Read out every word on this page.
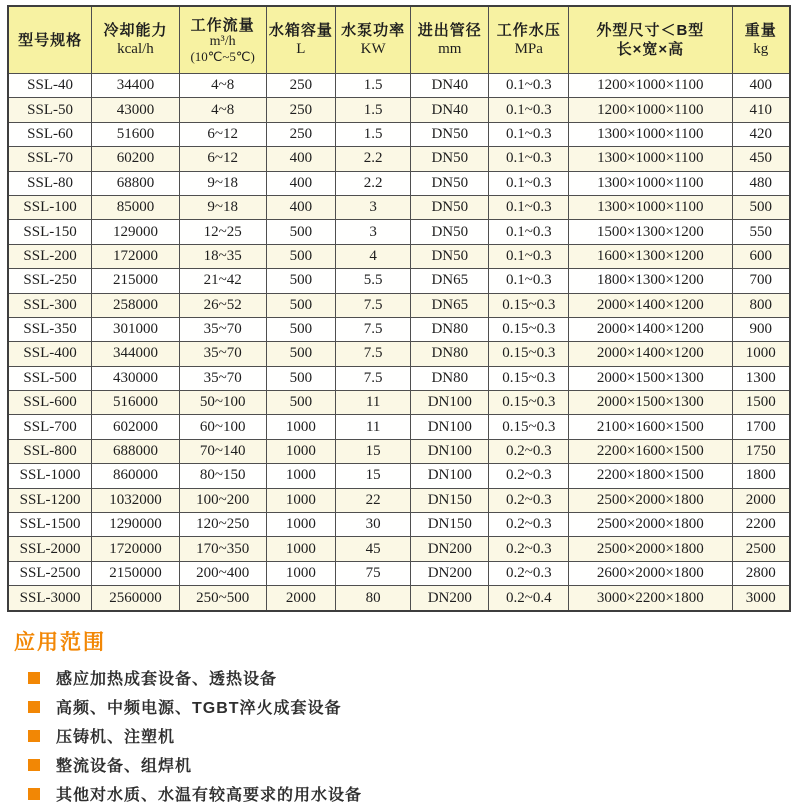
型号规格

冷却能力
kcal/h

工作流量
m³/h
(10℃~5℃)

水箱容量
L

水泵功率
KW

进出管径
mm

工作水压
MPa

外型尺寸＜B型
长×宽×高

重量
kg

SSL-40	34400	4~8	250	1.5	DN40	0.1~0.3	1200×1000×1100	400
SSL-50	43000	4~8	250	1.5	DN40	0.1~0.3	1200×1000×1100	410
SSL-60	51600	6~12	250	1.5	DN50	0.1~0.3	1300×1000×1100	420
SSL-70	60200	6~12	400	2.2	DN50	0.1~0.3	1300×1000×1100	450
SSL-80	68800	9~18	400	2.2	DN50	0.1~0.3	1300×1000×1100	480
SSL-100	85000	9~18	400	3	DN50	0.1~0.3	1300×1000×1100	500
SSL-150	129000	12~25	500	3	DN50	0.1~0.3	1500×1300×1200	550
SSL-200	172000	18~35	500	4	DN50	0.1~0.3	1600×1300×1200	600
SSL-250	215000	21~42	500	5.5	DN65	0.1~0.3	1800×1300×1200	700
SSL-300	258000	26~52	500	7.5	DN65	0.15~0.3	2000×1400×1200	800
SSL-350	301000	35~70	500	7.5	DN80	0.15~0.3	2000×1400×1200	900
SSL-400	344000	35~70	500	7.5	DN80	0.15~0.3	2000×1400×1200	1000
SSL-500	430000	35~70	500	7.5	DN80	0.15~0.3	2000×1500×1300	1300
SSL-600	516000	50~100	500	11	DN100	0.15~0.3	2000×1500×1300	1500
SSL-700	602000	60~100	1000	11	DN100	0.15~0.3	2100×1600×1500	1700
SSL-800	688000	70~140	1000	15	DN100	0.2~0.3	2200×1600×1500	1750
SSL-1000	860000	80~150	1000	15	DN100	0.2~0.3	2200×1800×1500	1800
SSL-1200	1032000	100~200	1000	22	DN150	0.2~0.3	2500×2000×1800	2000
SSL-1500	1290000	120~250	1000	30	DN150	0.2~0.3	2500×2000×1800	2200
SSL-2000	1720000	170~350	1000	45	DN200	0.2~0.3	2500×2000×1800	2500
SSL-2500	2150000	200~400	1000	75	DN200	0.2~0.3	2600×2000×1800	2800
SSL-3000	2560000	250~500	2000	80	DN200	0.2~0.4	3000×2200×1800	3000
应用范围
感应加热成套设备、透热设备
高频、中频电源、TGBT淬火成套设备
压铸机、注塑机
整流设备、组焊机
其他对水质、水温有较高要求的用水设备
